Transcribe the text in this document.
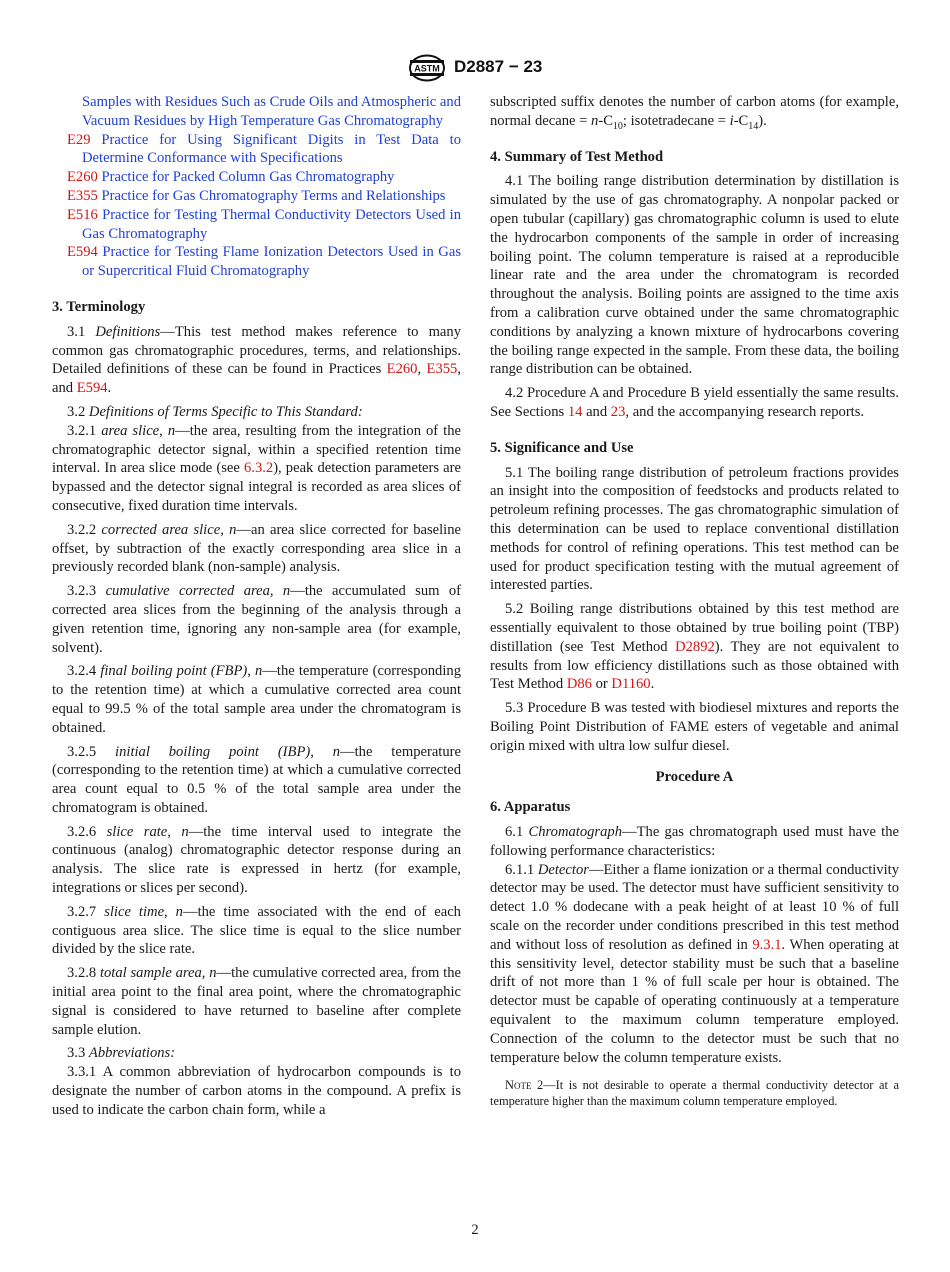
ASTM D2887 − 23
Samples with Residues Such as Crude Oils and Atmospheric and Vacuum Residues by High Temperature Gas Chromatography
E29 Practice for Using Significant Digits in Test Data to Determine Conformance with Specifications
E260 Practice for Packed Column Gas Chromatography
E355 Practice for Gas Chromatography Terms and Relationships
E516 Practice for Testing Thermal Conductivity Detectors Used in Gas Chromatography
E594 Practice for Testing Flame Ionization Detectors Used in Gas or Supercritical Fluid Chromatography
3. Terminology

3.1 Definitions—This test method makes reference to many common gas chromatographic procedures, terms, and relationships. Detailed definitions of these can be found in Practices E260, E355, and E594.

3.2 Definitions of Terms Specific to This Standard:

3.2.1 area slice, n—the area, resulting from the integration of the chromatographic detector signal, within a specified retention time interval. In area slice mode (see 6.3.2), peak detection parameters are bypassed and the detector signal integral is recorded as area slices of consecutive, fixed duration time intervals.

3.2.2 corrected area slice, n—an area slice corrected for baseline offset, by subtraction of the exactly corresponding area slice in a previously recorded blank (non-sample) analysis.

3.2.3 cumulative corrected area, n—the accumulated sum of corrected area slices from the beginning of the analysis through a given retention time, ignoring any non-sample area (for example, solvent).

3.2.4 final boiling point (FBP), n—the temperature (corresponding to the retention time) at which a cumulative corrected area count equal to 99.5 % of the total sample area under the chromatogram is obtained.

3.2.5 initial boiling point (IBP), n—the temperature (corresponding to the retention time) at which a cumulative corrected area count equal to 0.5 % of the total sample area under the chromatogram is obtained.

3.2.6 slice rate, n—the time interval used to integrate the continuous (analog) chromatographic detector response during an analysis. The slice rate is expressed in hertz (for example, integrations or slices per second).

3.2.7 slice time, n—the time associated with the end of each contiguous area slice. The slice time is equal to the slice number divided by the slice rate.

3.2.8 total sample area, n—the cumulative corrected area, from the initial area point to the final area point, where the chromatographic signal is considered to have returned to baseline after complete sample elution.

3.3 Abbreviations:

3.3.1 A common abbreviation of hydrocarbon compounds is to designate the number of carbon atoms in the compound. A prefix is used to indicate the carbon chain form, while a

subscripted suffix denotes the number of carbon atoms (for example, normal decane = $n-C_{10}$; isotetradecane = $i-C_{14}$).

4. Summary of Test Method

4.1 The boiling range distribution determination by distillation is simulated by the use of gas chromatography. A nonpolar packed or open tubular (capillary) gas chromatographic column is used to elute the hydrocarbon components of the sample in order of increasing boiling point. The column temperature is raised at a reproducible linear rate and the area under the chromatogram is recorded throughout the analysis. Boiling points are assigned to the time axis from a calibration curve obtained under the same chromatographic conditions by analyzing a known mixture of hydrocarbons covering the boiling range expected in the sample. From these data, the boiling range distribution can be obtained.

4.2 Procedure A and Procedure B yield essentially the same results. See Sections 14 and 23, and the accompanying research reports.

5. Significance and Use

5.1 The boiling range distribution of petroleum fractions provides an insight into the composition of feedstocks and products related to petroleum refining processes. The gas chromatographic simulation of this determination can be used to replace conventional distillation methods for control of refining operations. This test method can be used for product specification testing with the mutual agreement of interested parties.

5.2 Boiling range distributions obtained by this test method are essentially equivalent to those obtained by true boiling point (TBP) distillation (see Test Method D2892). They are not equivalent to results from low efficiency distillations such as those obtained with Test Method D86 or D1160.

5.3 Procedure B was tested with biodiesel mixtures and reports the Boiling Point Distribution of FAME esters of vegetable and animal origin mixed with ultra low sulfur diesel.

Procedure A
6. Apparatus

6.1 Chromatograph—The gas chromatograph used must have the following performance characteristics:

6.1.1 Detector—Either a flame ionization or a thermal conductivity detector may be used. The detector must have sufficient sensitivity to detect 1.0 % dodecane with a peak height of at least 10 % of full scale on the recorder under conditions prescribed in this test method and without loss of resolution as defined in 9.3.1. When operating at this sensitivity level, detector stability must be such that a baseline drift of not more than 1 % of full scale per hour is obtained. The detector must be capable of operating continuously at a temperature equivalent to the maximum column temperature employed. Connection of the column to the detector must be such that no temperature below the column temperature exists.

Note 2—It is not desirable to operate a thermal conductivity detector at a temperature higher than the maximum column temperature employed.

2
